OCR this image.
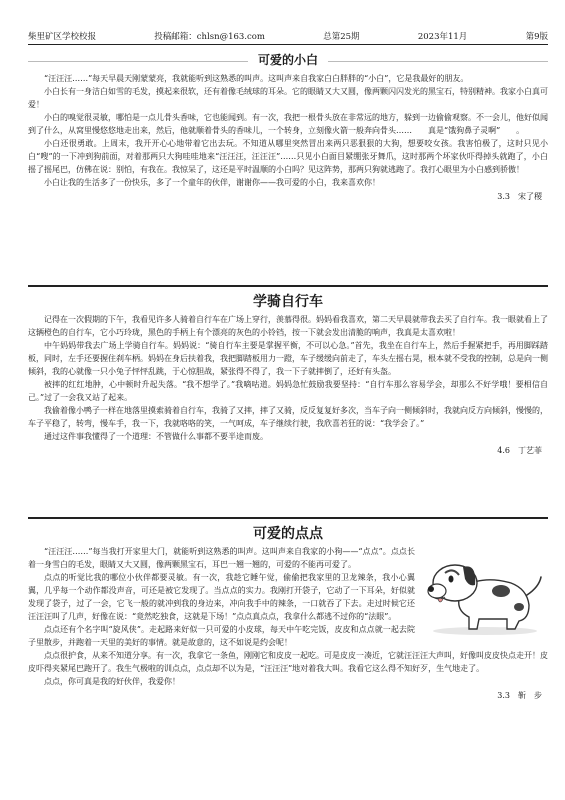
柴里矿区学校校报	投稿邮箱：chlsn@163.com	总第25期	2023年11月	第9版
可爱的小白

“汪汪汪……”每天早晨天刚蒙蒙亮，我就能听到这熟悉的叫声。这叫声来自我家白白胖胖的“小白”，它是我最好的朋友。

小白长有一身洁白如雪的毛发，摸起来很软，还有着像毛绒球的耳朵。它的眼睛又大又圆，像两颗闪闪发光的黑宝石，特别精神。我家小白真可爱！

小白的嗅觉很灵敏，哪怕是一点儿骨头香味，它也能闻到。有一次，我把一根骨头放在非常远的地方，躲到一边偷偷观察。不一会儿，他好似闻到了什么，从窝里慢悠悠地走出来，然后，他就顺着骨头的香味儿，一个转身，立刻像火箭一般奔向骨头……　　真是“饿狗鼻子灵啊”　　。

小白还很勇敢。上周末，我开开心心地带着它出去玩。不知道从哪里突然冒出来两只恶狠狠的大狗，想要咬女孩。我害怕极了，这时只见小白“嗖”的一下冲到狗前面，对着那两只大狗哇哇地来“汪汪汪，汪汪汪”……只见小白面目紧绷张牙舞爪，这时那两个坏家伙吓得掉头就跑了，小白摇了摇尾巴，仿佛在说：别怕，有我在。我惊呆了，这还是平时温顺的小白吗？见这阵势，那两只狗就逃跑了。我打心眼里为小白感到骄傲！

小白让我的生活多了一份快乐，多了一个童年的伙伴，谢谢你——我可爱的小白，我来喜欢你！

3.3　宋了稷
学骑自行车

记得在一次假期的下午，我看见许多人骑着自行车在广场上穿行，羡慕得很。妈妈看我喜欢，第二天早晨就带我去买了自行车。我一眼就看上了这辆橙色的自行车，它小巧玲珑，黑色的手柄上有个漂亮的灰色的小铃铛，按一下就会发出清脆的响声，我真是太喜欢啦！

中午妈妈带我去广场上学骑自行车。妈妈说：“骑自行车主要是掌握平衡，不可以心急。”首先，我坐在自行车上，然后手握紧把手，再用脚踩踏板，同时，左手还要握住刹车柄。妈妈在身后扶着我，我把脚踏板用力一蹬，车子缓缓向前走了，车头左摇右晃，根本就不受我的控制，总是向一侧倾斜，我的心就像一只小兔子怦怦乱跳，于心惊胆战，紧张得不得了，我一下子就摔倒了，还好有头盔。

被摔的红红地肿，心中顿时升起失落。“我不想学了。”我嘀咕道。妈妈急忙鼓励我要坚持：“自行车那么容易学会，却那么不好学哦！要相信自己。”过了一会我又站了起来。

我偷着像小鸭子一样在地落里摸索骑着自行车，我骑了又摔，摔了又骑，反反复复好多次，当车子向一侧倾斜时，我就向反方向倾斜，慢慢的，车子平稳了，转弯，慢车手，我一下，我就咯咯的笑，一气呵成，车子继续行驶，我欣喜若狂的说：“我学会了。”

通过这件事我懂得了一个道理：不管做什么事都不要半途而废。

4.6　丁艺菲
可爱的点点

“汪汪汪……”每当我打开家里大门，就能听到这熟悉的叫声。这叫声来自我家的小狗——“点点”。点点长着一身雪白的毛发，眼睛又大又圆，像两颗黑宝石，耳巴一翘一翘的，可爱的不能再可爱了。

点点的听觉比我的哪位小伙伴都要灵敏。有一次，我趁它睡午觉，偷偷把我家里的卫龙辣条，我小心翼翼，几乎每一个动作都没声音，可还是被它发现了。当点点的实力。我刚打开袋子，它动了一下耳朵，好似就发现了袋子，过了一会，它飞一般的就冲到我的身边来，冲向我手中的辣条，一口就吞了下去。走过时候它还汪汪汪叫了几声，好像在说：“竟然吃独食，这就是下场！”点点真点点，我拿什么都逃不过你的“法眼”。

点点还有个名字叫“旋风侠”。走起路来好似一只可爱的小皮球，每天中午吃完饭，皮皮和点点就一起去院子里散步，并跑着一天里的美好的事情。就是故意的，这不如说是约会呢！

点点很护食，从来不知道分享。有一次，我拿它一条鱼，刚刚它和皮皮一起吃。可是皮皮一凑近，它就汪汪汪大声叫，好像叫皮皮快点走开！皮皮吓得夹紧尾巴跑开了。我生气极啦的训点点，点点却不以为是，“汪汪汪”地对着我大叫。我看它这么得不知好歹，生气地走了。

点点，你可真是我的好伙伴，我爱你！

3.3　靳　步
